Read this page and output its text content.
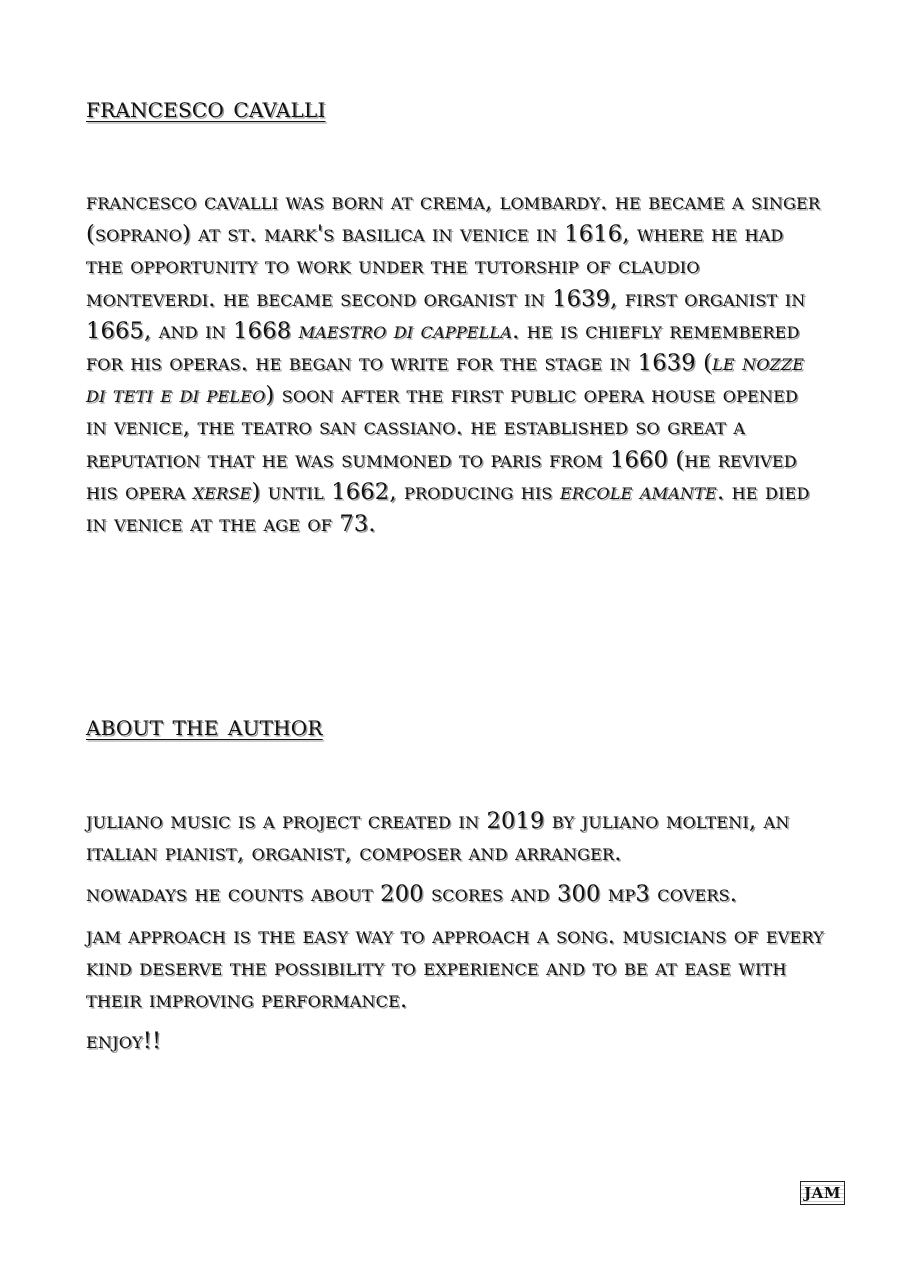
francesco cavalli

francesco cavalli was born at crema, lombardy. he became a singer (soprano) at st. mark's basilica in venice in 1616, where he had the opportunity to work under the tutorship of claudio monteverdi. he became second organist in 1639, first organist in 1665, and in 1668 maestro di cappella. he is chiefly remembered for his operas. he began to write for the stage in 1639 (le nozze di teti e di peleo) soon after the first public opera house opened in venice, the teatro san cassiano. he established so great a reputation that he was summoned to paris from 1660 (he revived his opera xerse) until 1662, producing his ercole amante. he died in venice at the age of 73.

about the author

juliano music is a project created in 2019 by juliano molteni, an italian pianist, organist, composer and arranger.

nowadays he counts about 200 scores and 300 mp3 covers.

jam approach is the easy way to approach a song. musicians of every kind deserve the possibility to experience and to be at ease with their improving performance.

enjoy!!

JAM
